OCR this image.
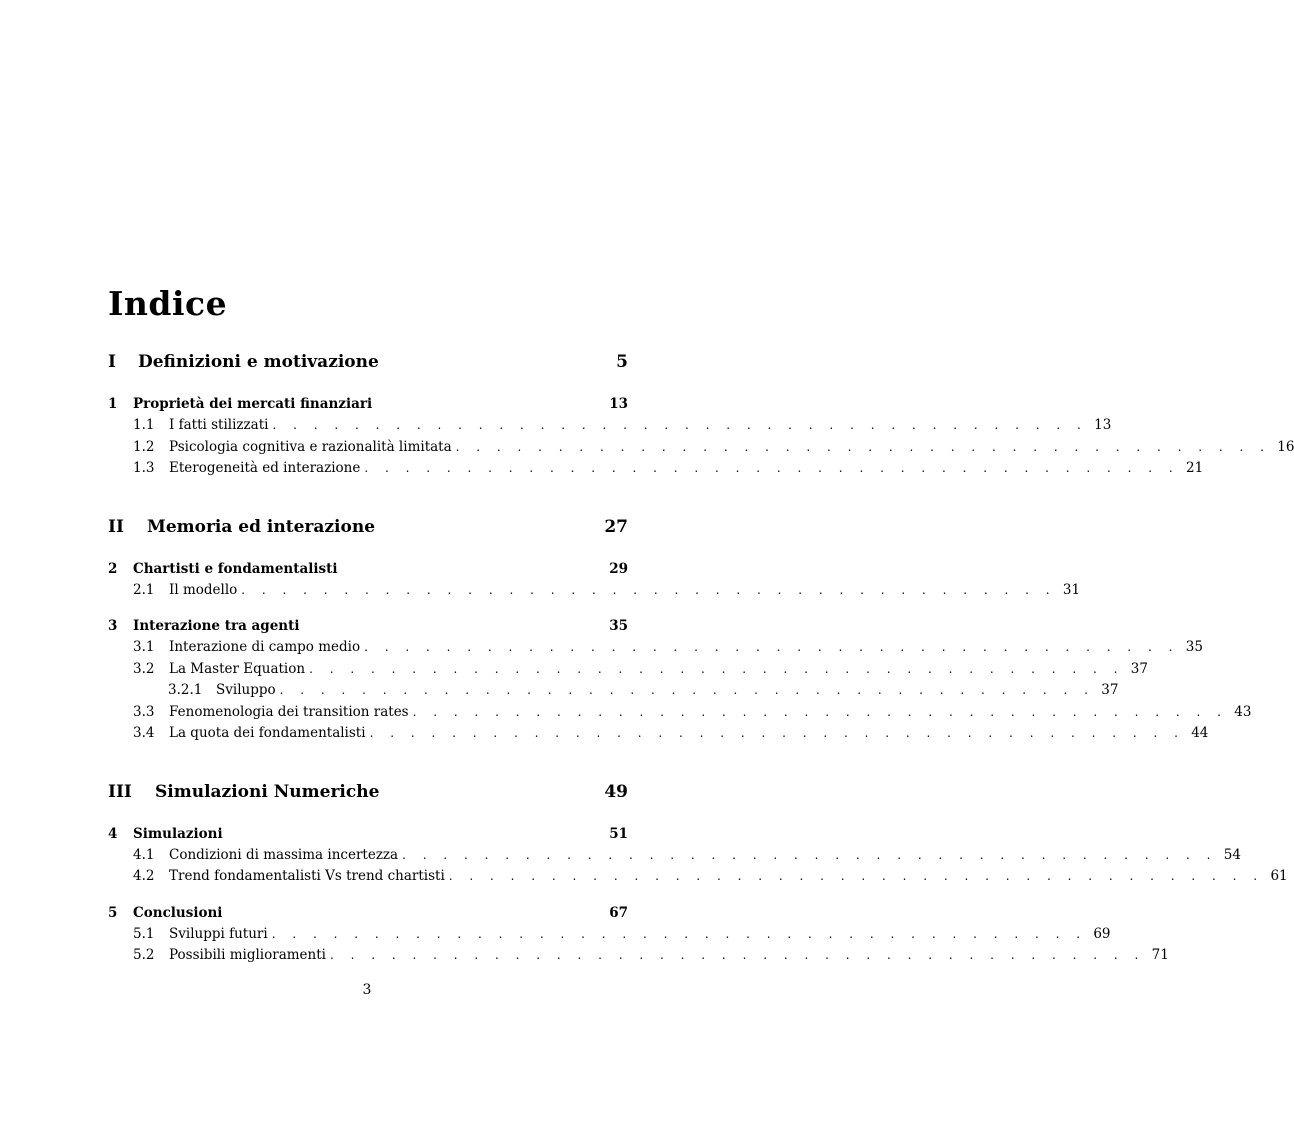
Indice
I	Definizioni e motivazione	5
1	Proprietà dei mercati finanziari	13
1.1	I fatti stilizzati . . . . . . . . . . . . . . . . . . . . . . . . . . . . . . . . . . . . . . . . 13
1.2	Psicologia cognitiva e razionalità limitata . . . . . . . . . . . . . . . . . . . . . . . . . . . . . . . . . . . . . . . . 16
1.3	Eterogeneità ed interazione . . . . . . . . . . . . . . . . . . . . . . . . . . . . . . . . . . . . . . . . 21
II	Memoria ed interazione	27
2	Chartisti e fondamentalisti	29
2.1	Il modello . . . . . . . . . . . . . . . . . . . . . . . . . . . . . . . . . . . . . . . . 31
3	Interazione tra agenti	35
3.1	Interazione di campo medio . . . . . . . . . . . . . . . . . . . . . . . . . . . . . . . . . . . . . . . . 35
3.2	La Master Equation . . . . . . . . . . . . . . . . . . . . . . . . . . . . . . . . . . . . . . . . 37
3.2.1	Sviluppo . . . . . . . . . . . . . . . . . . . . . . . . . . . . . . . . . . . . . . . . 37
3.3	Fenomenologia dei transition rates . . . . . . . . . . . . . . . . . . . . . . . . . . . . . . . . . . . . . . . . 43
3.4	La quota dei fondamentalisti . . . . . . . . . . . . . . . . . . . . . . . . . . . . . . . . . . . . . . . . 44
III	Simulazioni Numeriche	49
4	Simulazioni	51
4.1	Condizioni di massima incertezza . . . . . . . . . . . . . . . . . . . . . . . . . . . . . . . . . . . . . . . . 54
4.2	Trend fondamentalisti Vs trend chartisti . . . . . . . . . . . . . . . . . . . . . . . . . . . . . . . . . . . . . . . . 61
5	Conclusioni	67
5.1	Sviluppi futuri . . . . . . . . . . . . . . . . . . . . . . . . . . . . . . . . . . . . . . . . 69
5.2	Possibili miglioramenti . . . . . . . . . . . . . . . . . . . . . . . . . . . . . . . . . . . . . . . . 71
3
